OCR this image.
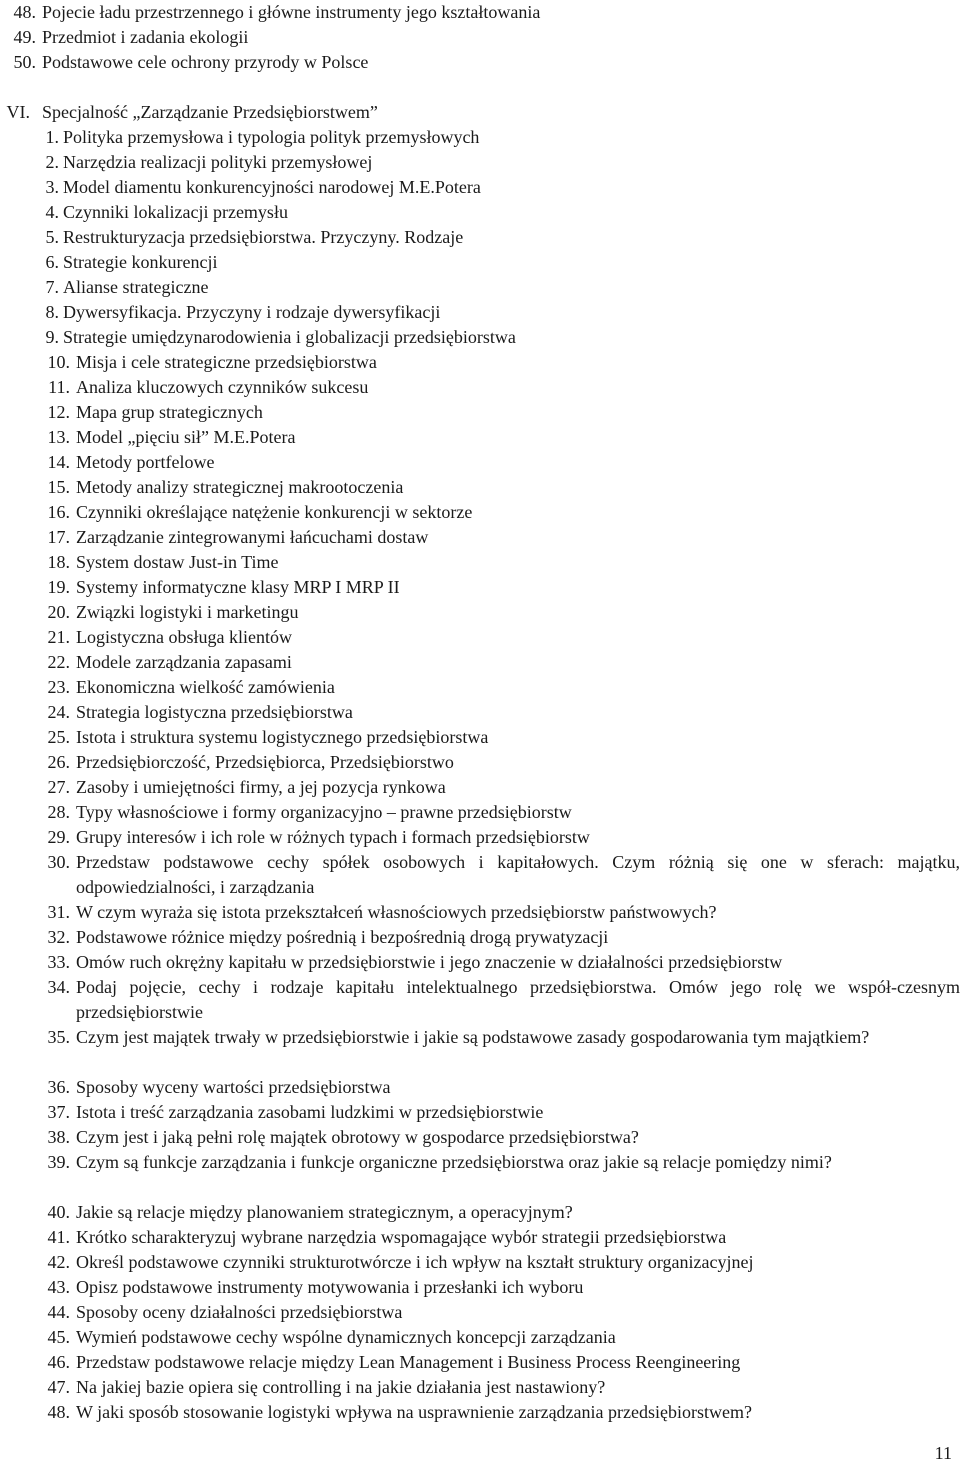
48. Pojecie ładu przestrzennego i główne instrumenty jego kształtowania
49. Przedmiot i zadania ekologii
50. Podstawowe cele ochrony przyrody w Polsce
VI. Specjalność „Zarządzanie Przedsiębiorstwem”
1. Polityka przemysłowa i typologia polityk przemysłowych
2. Narzędzia realizacji polityki przemysłowej
3. Model diamentu konkurencyjności narodowej M.E.Potera
4. Czynniki lokalizacji przemysłu
5. Restrukturyzacja przedsiębiorstwa. Przyczyny. Rodzaje
6. Strategie konkurencji
7. Alianse strategiczne
8. Dywersyfikacja. Przyczyny i rodzaje dywersyfikacji
9. Strategie umiędzynarodowienia i globalizacji przedsiębiorstwa
10. Misja i cele strategiczne przedsiębiorstwa
11. Analiza kluczowych czynników sukcesu
12. Mapa grup strategicznych
13. Model „pięciu sił” M.E.Potera
14. Metody portfelowe
15. Metody analizy strategicznej makrootoczenia
16. Czynniki określające natężenie konkurencji w sektorze
17. Zarządzanie zintegrowanymi łańcuchami dostaw
18. System dostaw Just-in Time
19. Systemy informatyczne klasy MRP I MRP II
20. Związki logistyki i marketingu
21. Logistyczna obsługa klientów
22. Modele zarządzania zapasami
23. Ekonomiczna wielkość zamówienia
24. Strategia logistyczna przedsiębiorstwa
25. Istota i struktura systemu logistycznego przedsiębiorstwa
26. Przedsiębiorczość, Przedsiębiorca, Przedsiębiorstwo
27. Zasoby i umiejętności firmy, a jej pozycja rynkowa
28. Typy własnościowe i formy organizacyjno – prawne przedsiębiorstw
29. Grupy interesów i ich role w różnych typach i formach przedsiębiorstw
30. Przedstaw podstawowe cechy spółek osobowych i kapitałowych. Czym różnią się one w sferach: majątku, odpowiedzialności, i zarządzania
31. W czym wyraża się istota przekształceń własnościowych przedsiębiorstw państwowych?
32. Podstawowe różnice między pośrednią i bezpośrednią drogą prywatyzacji
33. Omów ruch okrężny kapitału w przedsiębiorstwie i jego znaczenie w działalności przedsiębiorstw
34. Podaj pojęcie, cechy i rodzaje kapitału intelektualnego przedsiębiorstwa. Omów jego rolę we współ-czesnym przedsiębiorstwie
35. Czym jest majątek trwały w przedsiębiorstwie i jakie są podstawowe zasady gospodarowania tym majątkiem?
36. Sposoby wyceny wartości przedsiębiorstwa
37. Istota i treść zarządzania zasobami ludzkimi w przedsiębiorstwie
38. Czym jest i jaką pełni rolę majątek obrotowy w gospodarce przedsiębiorstwa?
39. Czym są funkcje zarządzania i funkcje organiczne przedsiębiorstwa oraz jakie są relacje pomiędzy nimi?
40. Jakie są relacje między planowaniem strategicznym, a operacyjnym?
41. Krótko scharakteryzuj wybrane narzędzia wspomagające wybór strategii przedsiębiorstwa
42. Określ podstawowe czynniki strukturotwórcze i ich wpływ na kształt struktury organizacyjnej
43. Opisz podstawowe instrumenty motywowania i przesłanki ich wyboru
44. Sposoby oceny działalności przedsiębiorstwa
45. Wymień podstawowe cechy wspólne dynamicznych koncepcji zarządzania
46. Przedstaw podstawowe relacje między Lean Management i Business Process Reengineering
47. Na jakiej bazie opiera się controlling i na jakie działania jest nastawiony?
48. W jaki sposób stosowanie logistyki wpływa na usprawnienie zarządzania przedsiębiorstwem?
11
